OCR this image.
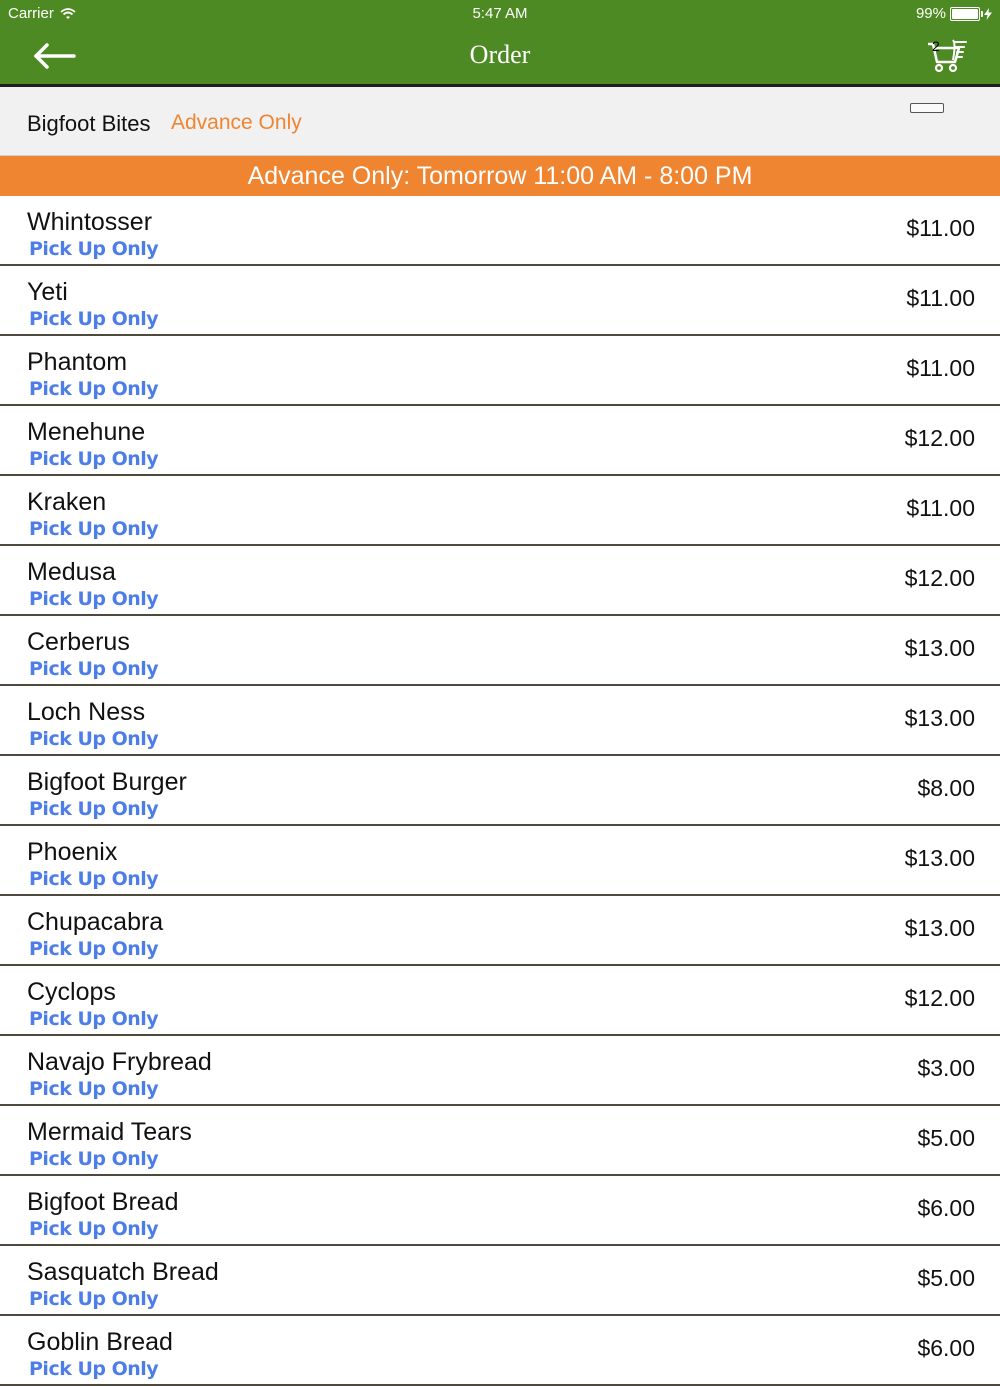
Carrier	5:47 AM	99%
Order	2
Bigfoot Bites Advance Only
Advance Only: Tomorrow 11:00 AM - 8:00 PM
Whintosser
Pick Up Only
$11.00
Yeti
Pick Up Only
$11.00
Phantom
Pick Up Only
$11.00
Menehune
Pick Up Only
$12.00
Kraken
Pick Up Only
$11.00
Medusa
Pick Up Only
$12.00
Cerberus
Pick Up Only
$13.00
Loch Ness
Pick Up Only
$13.00
Bigfoot Burger
Pick Up Only
$8.00
Phoenix
Pick Up Only
$13.00
Chupacabra
Pick Up Only
$13.00
Cyclops
Pick Up Only
$12.00
Navajo Frybread
Pick Up Only
$3.00
Mermaid Tears
Pick Up Only
$5.00
Bigfoot Bread
Pick Up Only
$6.00
Sasquatch Bread
Pick Up Only
$5.00
Goblin Bread
Pick Up Only
$6.00
